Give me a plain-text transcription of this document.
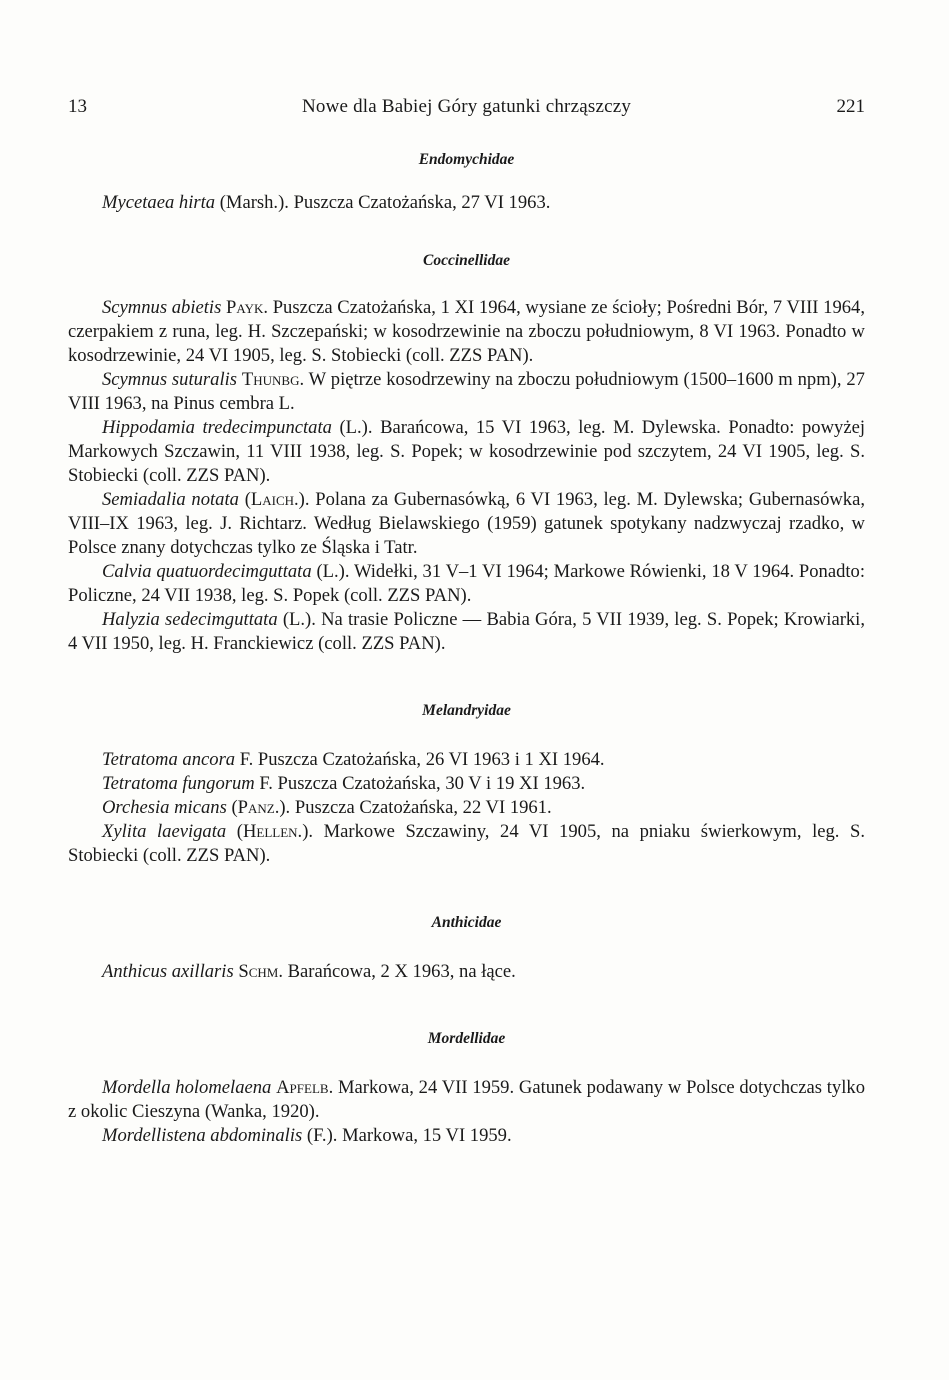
13	Nowe dla Babiej Góry gatunki chrząszczy	221
Endomychidae

Mycetaea hirta (Marsh.). Puszcza Czatożańska, 27 VI 1963.

Coccinellidae

Scymnus abietis Payk. Puszcza Czatożańska, 1 XI 1964, wysiane ze ścioły; Pośredni Bór, 7 VIII 1964, czerpakiem z runa, leg. H. Szczepański; w kosodrzewinie na zboczu południowym, 8 VI 1963. Ponadto w kosodrzewinie, 24 VI 1905, leg. S. Stobiecki (coll. ZZS PAN).

Scymnus suturalis Thunbg. W piętrze kosodrzewiny na zboczu południowym (1500–1600 m npm), 27 VIII 1963, na Pinus cembra L.

Hippodamia tredecimpunctata (L.). Barańcowa, 15 VI 1963, leg. M. Dylewska. Ponadto: powyżej Markowych Szczawin, 11 VIII 1938, leg. S. Popek; w kosodrzewinie pod szczytem, 24 VI 1905, leg. S. Stobiecki (coll. ZZS PAN).

Semiadalia notata (Laich.). Polana za Gubernasówką, 6 VI 1963, leg. M. Dylewska; Gubernasówka, VIII–IX 1963, leg. J. Richtarz. Według Bielawskiego (1959) gatunek spotykany nadzwyczaj rzadko, w Polsce znany dotychczas tylko ze Śląska i Tatr.

Calvia quatuordecimguttata (L.). Widełki, 31 V–1 VI 1964; Markowe Rówienki, 18 V 1964. Ponadto: Policzne, 24 VII 1938, leg. S. Popek (coll. ZZS PAN).

Halyzia sedecimguttata (L.). Na trasie Policzne — Babia Góra, 5 VII 1939, leg. S. Popek; Krowiarki, 4 VII 1950, leg. H. Franckiewicz (coll. ZZS PAN).

Melandryidae

Tetratoma ancora F. Puszcza Czatożańska, 26 VI 1963 i 1 XI 1964.

Tetratoma fungorum F. Puszcza Czatożańska, 30 V i 19 XI 1963.

Orchesia micans (Panz.). Puszcza Czatożańska, 22 VI 1961.

Xylita laevigata (Hellen.). Markowe Szczawiny, 24 VI 1905, na pniaku świerkowym, leg. S. Stobiecki (coll. ZZS PAN).

Anthicidae

Anthicus axillaris Schm. Barańcowa, 2 X 1963, na łące.

Mordellidae

Mordella holomelaena Apfelb. Markowa, 24 VII 1959. Gatunek podawany w Polsce dotychczas tylko z okolic Cieszyna (Wanka, 1920).

Mordellistena abdominalis (F.). Markowa, 15 VI 1959.
